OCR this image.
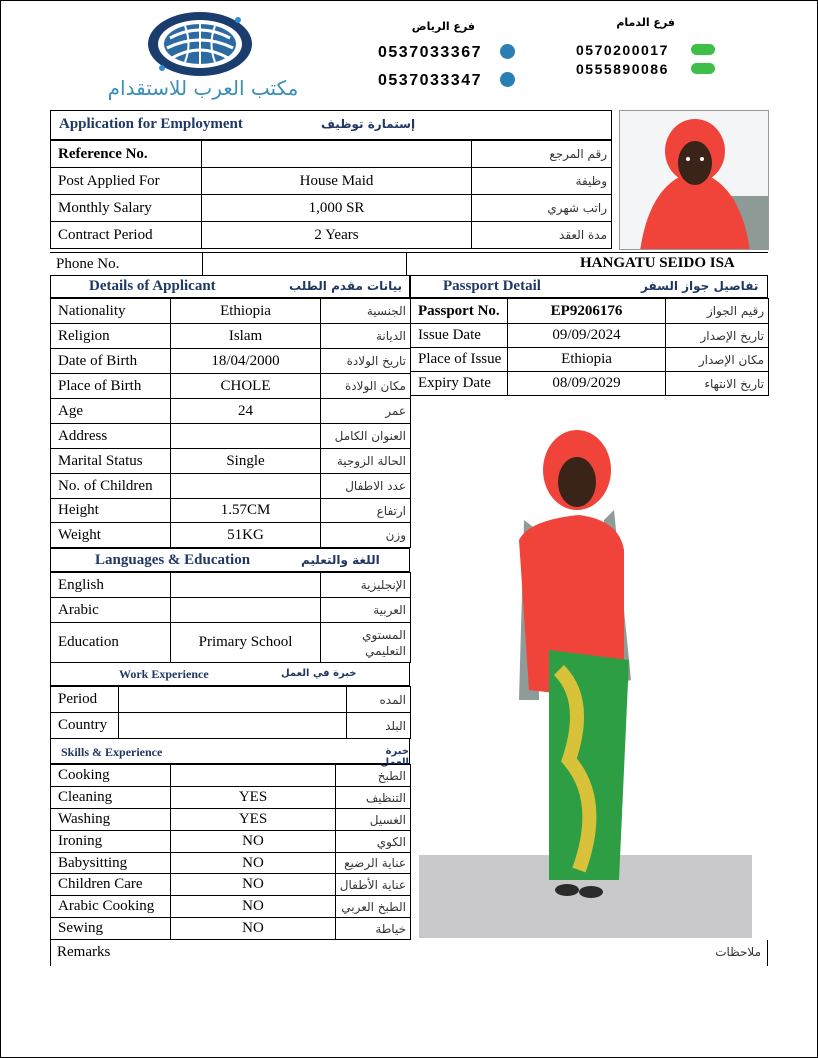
مكتب العرب للاستقدام
فرع الرياض
0537033367
0537033347
فرع الدمام
0570200017
0555890086
Application for Employment	إستمارة توظيف
Reference No.		رقم المرجع
Post Applied For	House Maid	وظيفة
Monthly Salary	1,000 SR	راتب شهري
Contract Period	2 Years	مدة العقد
Phone No.	HANGATU SEIDO ISA
Details of Applicant	بيانات مقدم الطلب
Nationality	Ethiopia	الجنسية
Religion	Islam	الديانة
Date of Birth	18/04/2000	تاريخ الولادة
Place of Birth	CHOLE	مكان الولادة
Age	24	عمر
Address		العنوان الكامل
Marital Status	Single	الحالة الزوجية
No. of Children		عدد الاطفال
Height	1.57CM	ارتفاع
Weight	51KG	وزن
Languages & Education	اللغة والتعليم
English		الإنجليزية
Arabic		العربية
Education	Primary School	المستوي التعليمي
Work Experience	خبرة في العمل
Period		المده
Country		البلد
Skills & Experience	خبرة العمل
Cooking		الطبخ
Cleaning	YES	التنظيف
Washing	YES	الغسيل
Ironing	NO	الكوي
Babysitting	NO	عناية الرضيع
Children Care	NO	عناية الأطفال
Arabic Cooking	NO	الطبخ العربي
Sewing	NO	خياطة
Passport Detail	تفاصيل جواز السفر
Passport No.	EP9206176	رقيم الجواز
Issue Date	09/09/2024	تاريخ الإصدار
Place of Issue	Ethiopia	مكان الإصدار
Expiry Date	08/09/2029	تاريخ الانتهاء
Remarks	ملاحظات
